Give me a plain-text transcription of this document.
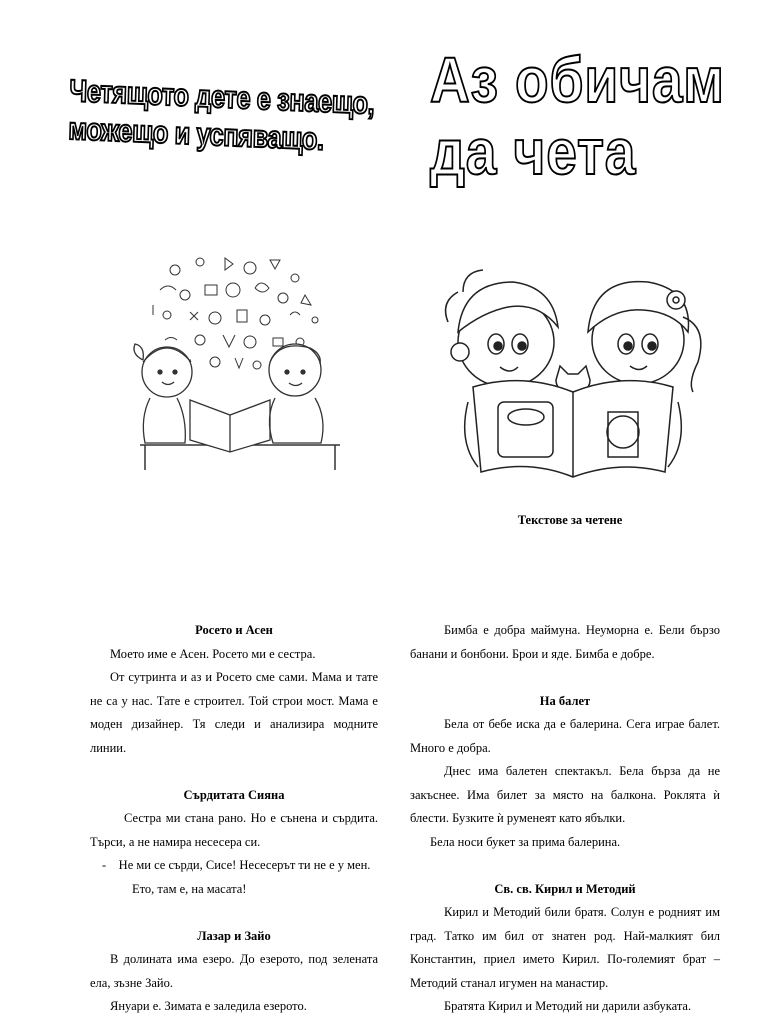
Четящото дете е знаещо,
можещо и успяващо.
Аз обичам
да чета
Текстове за четене
Росето и Асен

Моето име е Асен. Росето ми е сестра.

От сутринта и аз и Росето сме сами. Мама и тате не са у нас. Тате е строител. Той строи мост. Мама е моден дизайнер. Тя следи и анализира модните линии.

Сърдитата Сияна

Сестра ми стана рано. Но е сънена и сърдита. Търси, а не намира несесера си.

-    Не ми се сърди, Сисе! Несесерът ти не е у мен.

Ето, там е, на масата!

Лазар и Зайо

В долината има езеро. До езерото, под зелената ела, зъзне Зайо.

Януари е. Зимата е заледила езерото.

Бимба е добра маймуна. Неуморна е. Бели бързо банани и бонбони. Брои и яде. Бимба е добре.

На балет

Бела от бебе иска да е балерина. Сега играе балет. Много е добра.

Днес има балетен спектакъл. Бела бърза да не закъснее. Има билет за място на балкона. Роклята ѝ блести. Бузките ѝ руменеят като ябълки.

Бела носи букет за прима балерина.

Св. св. Кирил и Методий

Кирил и Методий били братя. Солун е родният им град. Татко им бил от знатен род. Най-малкият бил Константин, приел името Кирил. По-големият брат – Методий станал игумен на манастир.

Братята Кирил и Методий ни дарили азбуката.
